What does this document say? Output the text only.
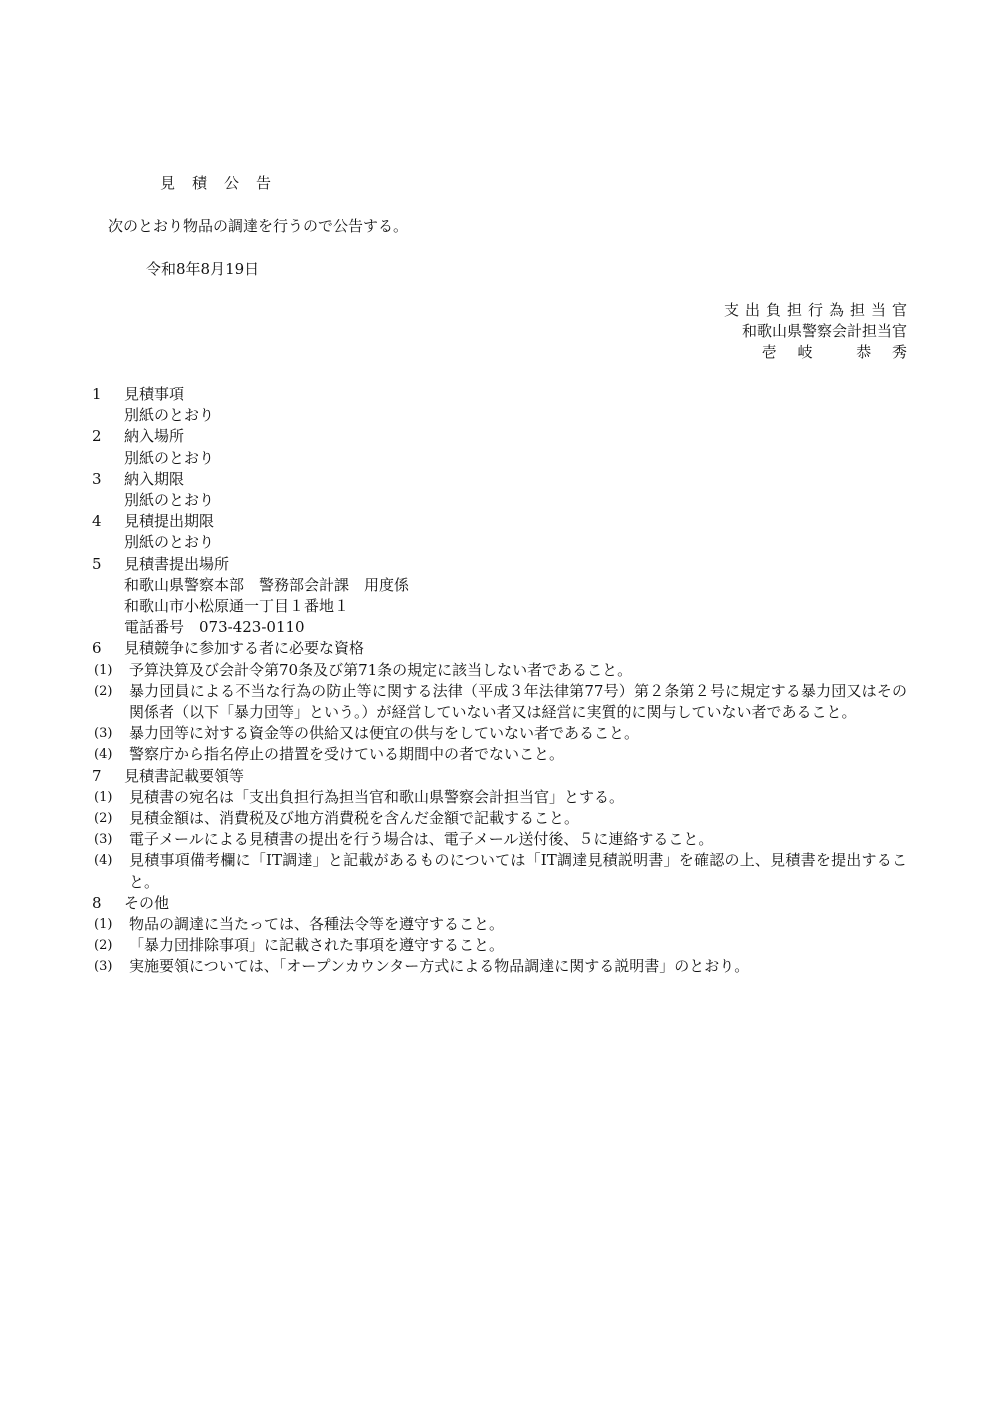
見積公告
次のとおり物品の調達を行うので公告する。
令和8年8月19日
支出負担行為担当官
和歌山県警察会計担当官
壱 岐　 恭 秀
1	見積事項
別紙のとおり
2	納入場所
別紙のとおり
3	納入期限
別紙のとおり
4	見積提出期限
別紙のとおり
5	見積書提出場所
和歌山県警察本部　警務部会計課　用度係
和歌山市小松原通一丁目１番地１
電話番号　073-423-0110
6	見積競争に参加する者に必要な資格
(1)	予算決算及び会計令第70条及び第71条の規定に該当しない者であること。
(2)	暴力団員による不当な行為の防止等に関する法律（平成３年法律第77号）第２条第２号に規定する暴力団又はその関係者（以下「暴力団等」という。）が経営していない者又は経営に実質的に関与していない者であること。
(3)	暴力団等に対する資金等の供給又は便宜の供与をしていない者であること。
(4)	警察庁から指名停止の措置を受けている期間中の者でないこと。
7	見積書記載要領等
(1)	見積書の宛名は「支出負担行為担当官和歌山県警察会計担当官」とする。
(2)	見積金額は、消費税及び地方消費税を含んだ金額で記載すること。
(3)	電子メールによる見積書の提出を行う場合は、電子メール送付後、５に連絡すること。
(4)	見積事項備考欄に「IT調達」と記載があるものについては「IT調達見積説明書」を確認の上、見積書を提出すること。
8	その他
(1)	物品の調達に当たっては、各種法令等を遵守すること。
(2)	「暴力団排除事項」に記載された事項を遵守すること。
(3)	実施要領については、「オープンカウンター方式による物品調達に関する説明書」のとおり。
